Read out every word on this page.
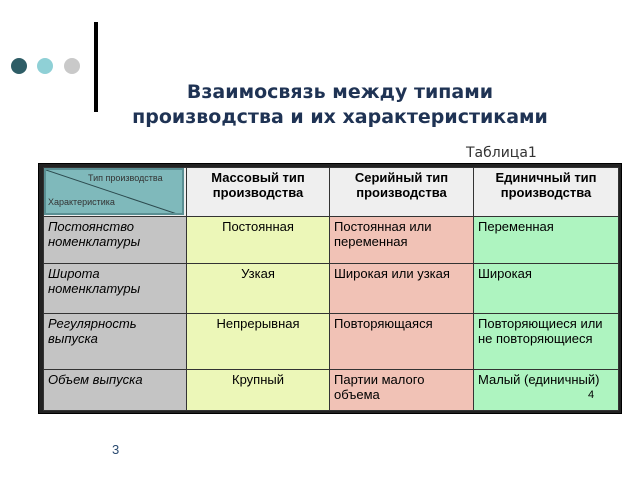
Взаимосвязь между типами
производства и их характеристиками
Таблица1
	Массовый тип производства	Серийный тип производства	Единичный тип производства
Постоянство номенклатуры	Постоянная	Постоянная или переменная	Переменная
Широта номенклатуры	Узкая	Широкая или узкая	Широкая
Регулярность выпуска	Непрерывная	Повторяющаяся	Повторяющиеся или не повторяющиеся
Объем выпуска	Крупный	Партии малого объема	Малый (единичный)
Тип производства
Характеристика
4
3
